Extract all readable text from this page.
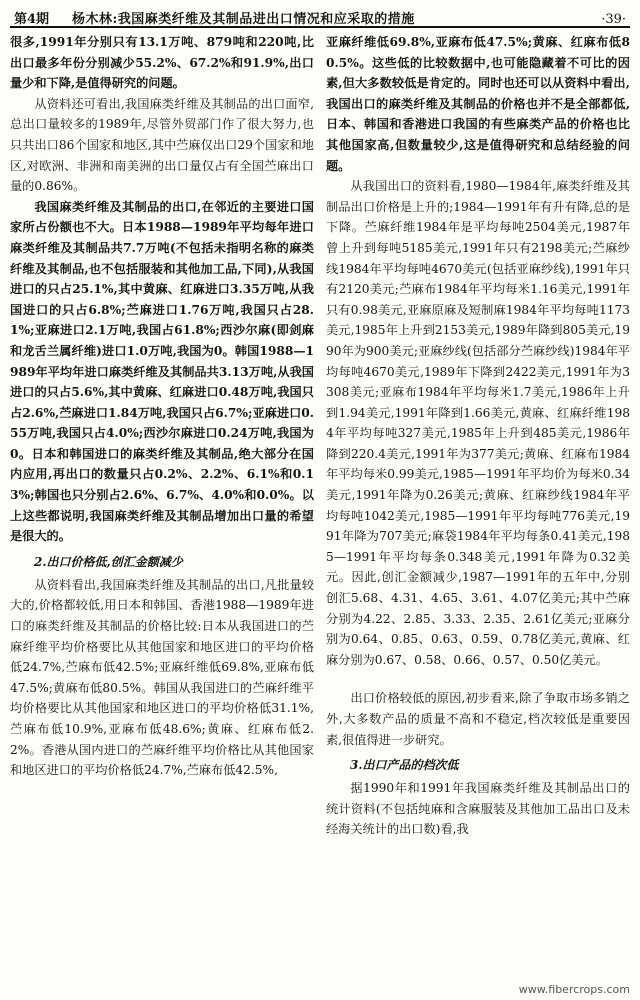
第4期	杨木林:我国麻类纤维及其制品进出口情况和应采取的措施	·39·

很多,1991年分别只有13.1万吨、879吨和220吨,比出口最多年份分别减少55.2%、67.2%和91.9%,出口量少和下降,是值得研究的问题。

从资料还可看出,我国麻类纤维及其制品的出口面窄,总出口量较多的1989年,尽管外贸部门作了很大努力,也只共出口86个国家和地区,其中苎麻仅出口29个国家和地区,对欧洲、非洲和南美洲的出口量仅占有全国苎麻出口量的0.86%。

我国麻类纤维及其制品的出口,在邻近的主要进口国家所占份额也不大。日本1988—1989年平均每年进口麻类纤维及其制品共7.7万吨(不包括未指明名称的麻类纤维及其制品,也不包括服装和其他加工品,下同),从我国进口的只占25.1%,其中黄麻、红麻进口3.35万吨,从我国进口的只占6.8%;苎麻进口1.76万吨,我国只占28.1%;亚麻进口2.1万吨,我国占61.8%;西沙尔麻(即剑麻和龙舌兰属纤维)进口1.0万吨,我国为0。韩国1988—1989年平均年进口麻类纤维及其制品共3.13万吨,从我国进口的只占5.6%,其中黄麻、红麻进口0.48万吨,我国只占2.6%,苎麻进口1.84万吨,我国只占6.7%;亚麻进口0.55万吨,我国只占4.0%;西沙尔麻进口0.24万吨,我国为0。日本和韩国进口的麻类纤维及其制品,绝大部分在国内应用,再出口的数量只占0.2%、2.2%、6.1%和0.13%;韩国也只分别占2.6%、6.7%、4.0%和0.0%。以上这些都说明,我国麻类纤维及其制品增加出口量的希望是很大的。

2.出口价格低,创汇金额减少

从资料看出,我国麻类纤维及其制品的出口,凡批量较大的,价格都较低,用日本和韩国、香港1988—1989年进口的麻类纤维及其制品的价格比较:日本从我国进口的苎麻纤维平均价格要比从其他国家和地区进口的平均价格低24.7%,苎麻布低42.5%;亚麻纤维低69.8%,亚麻布低47.5%;黄麻布低80.5%。韩国从我国进口的苎麻纤维平均价格要比从其他国家和地区进口的平均价格低31.1%,苎麻布低10.9%,亚麻布低48.6%;黄麻、红麻布低2.2%。香港从国内进口的苎麻纤维平均价格比从其他国家和地区进口的平均价格低24.7%,苎麻布低42.5%,

亚麻纤维低69.8%,亚麻布低47.5%;黄麻、红麻布低80.5%。这些低的比较数据中,也可能隐藏着不可比的因素,但大多数较低是肯定的。同时也还可以从资料中看出,我国出口的麻类纤维及其制品的价格也并不是全部都低,日本、韩国和香港进口我国的有些麻类产品的价格也比其他国家高,但数量较少,这是值得研究和总结经验的问题。

从我国出口的资料看,1980—1984年,麻类纤维及其制品出口价格是上升的;1984—1991年有升有降,总的是下降。苎麻纤维1984年是平均每吨2504美元,1987年曾上升到每吨5185美元,1991年只有2198美元;苎麻纱线1984年平均每吨4670美元(包括亚麻纱线),1991年只有2120美元;苎麻布1984年平均每米1.16美元,1991年只有0.98美元,亚麻原麻及短制麻1984年平均每吨1173美元,1985年上升到2153美元,1989年降到805美元,1990年为900美元;亚麻纱线(包括部分苎麻纱线)1984年平均每吨4670美元,1989年下降到2422美元,1991年为3308美元;亚麻布1984年平均每米1.7美元,1986年上升到1.94美元,1991年降到1.66美元,黄麻、红麻纤维1984年平均每吨327美元,1985年上升到485美元,1986年降到220.4美元,1991年为377美元;黄麻、红麻布1984年平均每米0.99美元,1985—1991年平均价为每米0.34美元,1991年降为0.26美元;黄麻、红麻纱线1984年平均每吨1042美元,1985—1991年平均每吨776美元,1991年降为707美元;麻袋1984年平均每条0.41美元,1985—1991年平均每条0.348美元,1991年降为0.32美元。因此,创汇金额减少,1987—1991年的五年中,分别创汇5.68、4.31、4.65、3.61、4.07亿美元;其中苎麻分别为4.22、2.85、3.33、2.35、2.61亿美元;亚麻分别为0.64、0.85、0.63、0.59、0.78亿美元,黄麻、红麻分别为0.67、0.58、0.66、0.57、0.50亿美元。

出口价格较低的原因,初步看来,除了争取市场多销之外,大多数产品的质量不高和不稳定,档次较低是重要因素,很值得进一步研究。

3.出口产品的档次低

据1990年和1991年我国麻类纤维及其制品出口的统计资料(不包括纯麻和含麻服装及其他加工品出口及未经海关统计的出口数)看,我

www.fibercrops.com
